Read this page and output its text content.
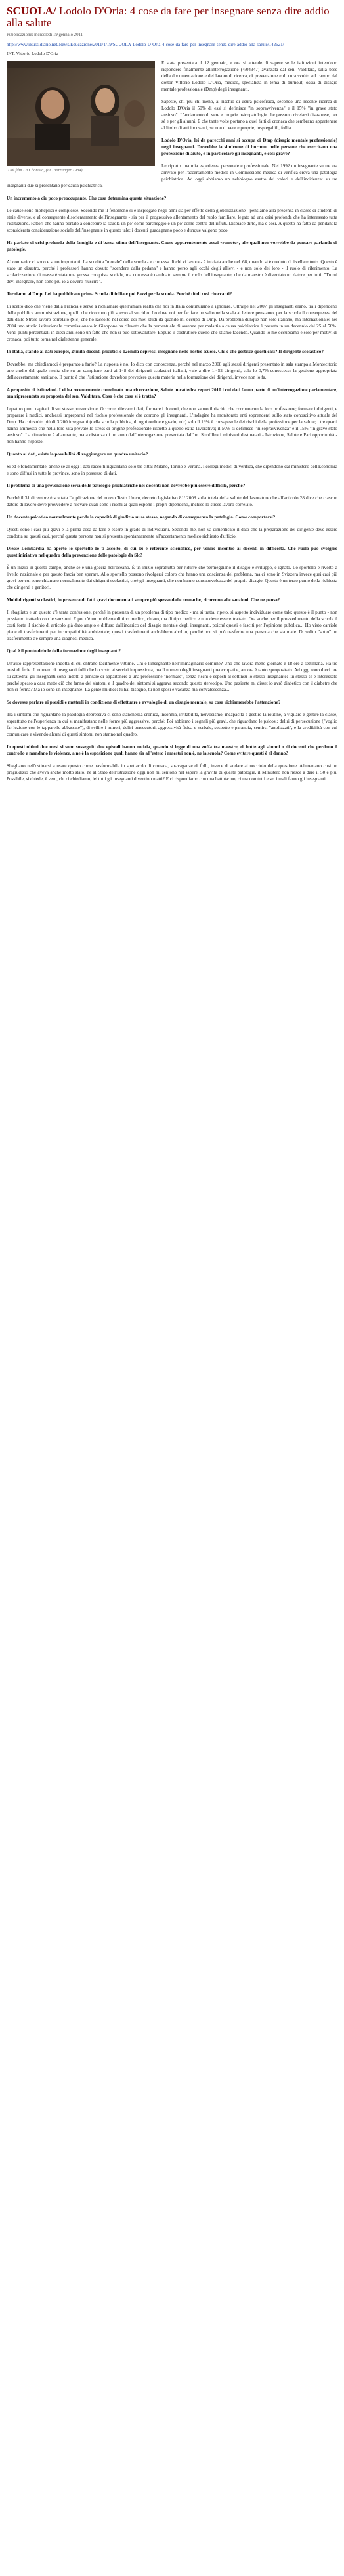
SCUOLA/ Lodolo D'Oria: 4 cose da fare per insegnare senza dire addio alla salute
Pubblicazione: mercoledì 19 gennaio 2011
http://www.ilsussidiario.net/News/Educazione/2011/1/19/SCUOLA-Lodolo-D-Oria-4-cose-da-fare-per-insegnare-senza-dire-addio-alla-salute/142621/
INT. Vittorio Lodolo D'Oria
Dal film La Chorista, (LC,Barranger 1984)

È stata presentata il 12 gennaio, e ora si attende di sapere se le istituzioni intendono rispondere finalmente all'interrogazione (4/04347) avanzata dal sen. Valditara, sulla base della documentazione e del lavoro di ricerca, di prevenzione e di cura svolto sul campo dal dottor Vittorio Lodolo D'Oria, medico, specialista in tema di burnout, ossia di disagio mentale professionale (Dmp) degli insegnanti.

Sapeste, chi più chi meno, al rischio di usura psicofisica, secondo una recente ricerca di Lodolo D'Oria il 50% di essi si definisce "in sopravvivenza" e il 15% "in grave stato ansioso". L'andamento di vere e proprie psicopatologie che possono rivelarsi disastrose, per sé e per gli alunni. E che tante volte portano a quei fatti di cronaca che sembrano appartenere al limbo di atti incosanti, se non di vere e proprie, inspiegabili, follia.

Lodolo D'Oria, lei da parecchi anni si occupa di Dmp (disagio mentale professionale) negli insegnanti. Dovrebbe la sindrome di burnout nelle persone che esercitano una professione di aiuto, e in particolare gli insegnanti, è così grave?

Le riporto una mia esperienza personale e professionale. Nel 1992 un insegnante su tre era arrivato per l'accertamento medico in Commissione medica di verifica ereva una patologia psichiatrica. Ad oggi abbiamo un nebbiogno esatto dei valori e dell'incidenza: su tre insegnanti due si presentano per causa psichiatrica.

Un incremento a dir poco preoccupante. Che cosa determina questa situazione?

Le cause sono molteplici e complesse. Secondo me il fenomeno si è inspiegato negli anni sia per effetto della globalizzazione - pensiamo alla presenza in classe di studenti di etnie diverse, e al conseguente disorientamento dell'insegnante - sia per il progressivo allentamento del ruolo familiare, legato ad una crisi profonda che ha interessato tutta l'istituzione. Fattori che hanno portato a concepire la scuola un po' come parcheggio e un po' come centro del rifiuti. Dispiace dirlo, ma è così. A questo ha fatto da pendant la sconsiderata considerazione sociale dell'insegnante in questo tale: i docenti guadagnano poco e dunque valgono poco.

Ha parlato di crisi profonda della famiglia e di bassa stima dell'insegnante. Cause apparentemente assai «remote», alle quali non vorrebbe da pensare parlando di patologie.

Al contrario: ci sono e sono importanti. La scoditta "morale" della scuola - e con essa di chi vi lavora - è iniziata anche nel '68, quando si è creduto di livellare tutto. Questo è stato un disastro, perché i professori hanno dovuto "scendere dalla pedana" e hanno perso agli occhi degli allievi - e non solo dei loro - il ruolo di riferimento. La scolarizzazione di massa è stata una grossa conquista sociale, ma con essa è cambiato sempre il ruolo dell'insegnante, che da maestro è diventato un datore per tutti. "Tu mi devi insegnare, non sono più io a doverti riuscire".

Torniamo al Dmp. Lei ha pubblicato prima Scuola di follia e poi Pazzi per la scuola. Perché titoli così choccanti?

Li scelto dico che viene dalla Francia e serve a richiamare quell'amara realtà che noi in Italia continuiamo a ignorare. Oltralpe nel 2007 gli insegnanti erano, tra i dipendenti della pubblica amministrazione, quelli che ricorrono più spesso al suicidio. Lo dove noi per far fare un salto nella scala al lettore pensiamo, per la scuola il consequenza del dati dallo Stress lavoro correlato (Slc) che ho raccolto nel corso dei miei studi da quando mi occupo di Dmp. Da problema dunque non solo italiano, ma internazionale: nel 2004 uno studio istituzionale commissionato in Giappone ha rilevato che la percentuale di assenze per malattia a causa psichiatrica è passata in un decennio dal 25 al 56%. Venti punti percentuali in dieci anni sono un fatto che non si può sottovalutare. Eppure il costruttore quello che stiamo facendo. Quando io me occupiamo è solo per motivi di cronaca, poi tutto torna nel dialettenne generale.

In Italia, stando ai dati europei, 24mila docenti psicotici e 12omila depressi insegnano nelle nostre scuole. Chi è che gestisce questi casi? Il dirigente scolastico?

Dovrebbe, ma chiediamoci è preparato a farlo? La risposta è no. Io dico con conoscenza, perché nel marzo 2008 agli stessi dirigenti presentato in sala stampa a Montecitorio uno studio dal quale risulta che su un campione parti ai 148 dei dirigenti scolastici italiani, vale a dire 1.452 dirigenti, solo lo 0,7% conoscesse la gestione appropriata dell'accertamento sanitario. Il punto è che l'istituzione dovrebbe prevedere questa materia nella formazione dei dirigenti, invece non lo fa.

A proposito di istituzioni. Lei ha recentemente coordinato una ricercazione, Salute in cattedra report 2010 i cui dati fanno parte di un'interrogazione parlamentare, ora ripresentata su proposta del sen. Valditara. Cosa è che cosa si è tratta?

I quattro punti capitali di sui stesse prevenzione. Occorre: rilevare i dati, formare i docenti, che non sanno il rischio che corrono con la loro professione; formare i dirigenti, e preparare i medici, anch'essi impreparati nel rischio professionale che corrono gli insegnanti. L'indagine ha monitorato enti soprendenti sullo stato conoscitivo attuale del Dmp. Ha coinvolto più di 3.200 insegnanti (della scuola pubblica, di ogni ordine e grado, ndr) solo il 19% è consapevole dei rischi della professione per la salute; i tre quarti hanno ammesso che nella loro vita prevale lo stress di origine professionale rispetto a quello extra-lavorativo; il 50% si definisce "in sopravvivenza" e il 15% "in grave stato ansioso". La situazione è allarmante, ma a distanza di un anno dall'interrogazione presentata dall'on. Strofillea i ministeri destinatari - Istruzione, Salute e Pari opportunità - non hanno risposto.

Quanto ai dati, esiste la possibilità di raggiungere un quadro unitario?

Sì ed è fondamentale, anche se al oggi i dati raccolti riguardano solo tre città: Milano, Torino e Verona. I collegi medici di verifica, che dipendono dal ministero dell'Economia e sono diffusi in tutte le province, sono in possesso di dati.

Il problema di una prevenzione seria delle patologie psichiatriche nei docenti non dovrebbe più essere difficile, perché?

Perché il 31 dicembre è scattata l'applicazione del nuovo Testo Unico, decreto legislativo 81/ 2008 sulla tutela della salute del lavoratore che all'articolo 28 dice che ciascun datore di lavoro deve provvedere a rilevare quali sono i rischi ai quali espone i propri dipendenti, incluso lo stress lavoro correlato.

Un docente psicotico normalmente perde la capacità di giudizio su se stesso, negando di conseguenza la patologia. Come comportarsi?

Questi sono i casi più gravi e la prima cosa da fare è essere in grado di individuarli. Secondo me, non va dimenticato il dato che la preparazione del dirigente deve essere condotta su questi casi, perché questa persona non si presenta spontaneamente all'accertamento medico richiesto d'ufficio.

Diesse Lombardia ha aperto lo sportello Io ti ascolto, di cui lei è referente scientifico, per venire incontro ai docenti in difficoltà. Che ruolo può svolgere quest'iniziativa nel quadro della prevenzione delle patologie da Slc?

È un inizio in questo campo, anche se è una goccia nell'oceano. È un inizio soprattutto per ridurre che permeggiano il disagio e sviluppo, è ignato. Lo sportello è rivolto a livello nazionale e per questo fascia ben sperare. Allo sportello possono rivolgersi coloro che hanno una coscienza del problema, ma ci sono in Svizzera invece quei casi più gravi per cui sono chiamato normalmente dai dirigenti scolastici, cioè gli insegnanti, che non hanno consapevolezza del proprio disagio. Questo è un terzo punto della richiesta che dirigenti e genitori.

Molti dirigenti scolastici, in presenza di fatti gravi documentati sempre più spesso dalle cronache, ricorrono alle sanzioni. Che ne pensa?

Il sbagliato e un questo c'è tanta confusione, perché in presenza di un problema di tipo medico - ma si tratta, ripeto, si aspetto individuare come tale: questo è il punto - non possiamo trattarlo con le sanzioni. E poi c'è un problema di tipo medico, chiaro, ma di tipo medico e non deve essere trattato. Ora anche per il provvedimento della scuola il costi forte il rischio di articolo già dato ampio e diffuso dall'incarico del disagio mentale degli insegnanti, poiché questi e fasciti per l'opinione pubblica... Ho visto carriole piene di trasferimenti per incompatibilità ambientale; questi trasferimenti andrebbero abolito, perché non si può trasferire una persona che sta male. Di solito "sotto" un trasferimento c'è sempre una diagnosi medica.

Qual è il punto debole della formazione degli insegnanti?

Un'auto-rappresentazione indotta di cui entrano facilmente vittime. Chi è l'insegnante nell'immaginario comune? Uno che lavora meno giornate e 18 ore a settimana. Ha tre mesi di ferie. Il numero di insegnanti folli che ho visto ai servizi impressiona, ma il numero degli insegnanti preoccupati e, ancora è tanto spropositato. Ad oggi sono dieci ore su cattedra: gli insegnanti sono indotti a pensare di appartenere a una professione "normale", senza rischi e esposti al sottinsu lo stesso insegnante: lui stesso se è interessato perché spesso a casa mette ciò che fanno dei sintomi e il quadro dei sintomi si aggrava secondo questo stereotipo. Uno paziente mi disse: io avrò diabetico con il diabetre che non ci ferma? Ma io sono un insegnante! La gente mi dice: tu hai bisogno, tu non sposi e vacanza ma convalescenza...

Se dovesse parlare ai presidi e metterli in condizione di effettuare e avvaloglio di un disagio mentale, su cosa richiamerebbe l'attenzione?

Tra i sintomi che riguardano la patologia depressiva ci sono stanchezza cronica, insonnia, irritabilità, nervosismo, incapacità a gestire la routine, a vigilare e gestire la classe, soprattutto nell'esperienza in cui si manifestano nelle forme più aggressive, perché: Poi abbiamo i segnali più gravi, che riguardano le psicosi: deliri di persecuzione ("voglio far lezione con le tapparelle abbassate"), di svilire i minori, deliri persecutori, aggressività fisica e verbale, sospetto e paranoia, sentirsi "anolizzati", e la credibilità con cui comunicare e vivendo alcuni di questi sintomi non stanno nel quadro.

In questi ultimi due mesi si sono susseguiti due episodi hanno notizia, quando si legge di una zuffa tra maestre, di botte agli alunni o di docenti che perdono il controllo e mandano le violenze, a ne è la esposizione quali hanno sia all'estero i maestri non è, ne la scuola? Come evitare questi è al danno?

Sbagliano nell'ostinarsi a usare questo come trasformabile in spettacolo di cronaca, stravaganze di folli, invece di andare al nocciolo della questione. Alimentano così un pregiudizio che aveva anche molto stato, né al Stato dell'istruzione oggi non mi sentono nel sapere la gravità di queste patologie, il Ministero non riesce a dare il 50 e più. Possibile, si chiede, è vero, chi ci chiediamo, lei tutti gli insegnanti diventino matti? E ci rispondiamo con una battuta: no, ci ma non tutti e sei i mali fanno gli insegnanti.
